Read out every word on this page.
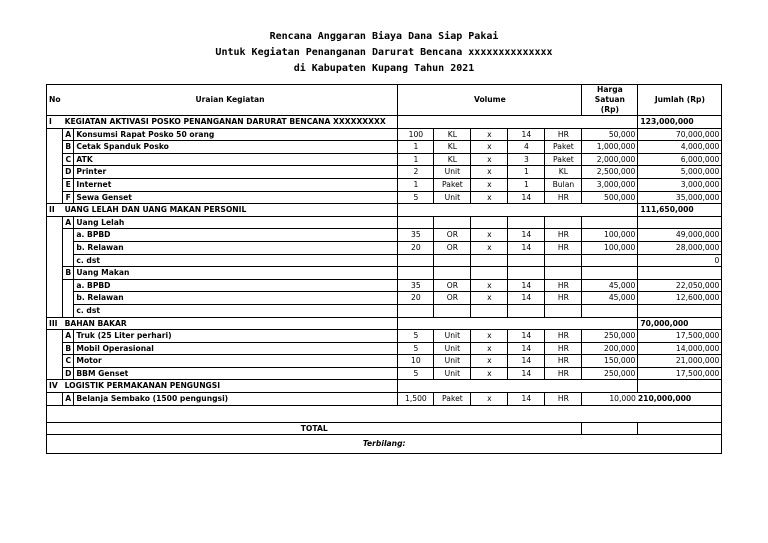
Rencana Anggaran Biaya Dana Siap Pakai
Untuk Kegiatan Penanganan Darurat Bencana xxxxxxxxxxxxxx
di Kabupaten Kupang Tahun 2021
No	Uraian Kegiatan		Volume					Harga Satuan (Rp)	Jumlah (Rp)
I	KEGIATAN AKTIVASI POSKO PENANGANAN DARURAT BENCANA XXXXXXXXX								123,000,000
	A	Konsumsi Rapat Posko 50 orang	100	KL	x	14	HR	50,000	70,000,000
	B	Cetak Spanduk Posko	1	KL	x	4	Paket	1,000,000	4,000,000
	C	ATK	1	KL	x	3	Paket	2,000,000	6,000,000
	D	Printer	2	Unit	x	1	KL	2,500,000	5,000,000
	E	Internet	1	Paket	x	1	Bulan	3,000,000	3,000,000
	F	Sewa Genset	5	Unit	x	14	HR	500,000	35,000,000
II	UANG LELAH DAN UANG MAKAN PERSONIL								111,650,000
	A	Uang Lelah							
		a. BPBD	35	OR	x	14	HR	100,000	49,000,000
		b. Relawan	20	OR	x	14	HR	100,000	28,000,000
		c. dst							0
	B	Uang Makan							
		a. BPBD	35	OR	x	14	HR	45,000	22,050,000
		b. Relawan	20	OR	x	14	HR	45,000	12,600,000
		c. dst							
III	BAHAN BAKAR								70,000,000
	A	Truk (25 Liter perhari)	5	Unit	x	14	HR	250,000	17,500,000
	B	Mobil Operasional	5	Unit	x	14	HR	200,000	14,000,000
	C	Motor	10	Unit	x	14	HR	150,000	21,000,000
	D	BBM Genset	5	Unit	x	14	HR	250,000	17,500,000
IV	LOGISTIK PERMAKANAN PENGUNGSI								
	A	Belanja Sembako (1500 pengungsi)	1,500	Paket	x	14	HR	10,000	210,000,000

TOTAL									
Terbilang:									
